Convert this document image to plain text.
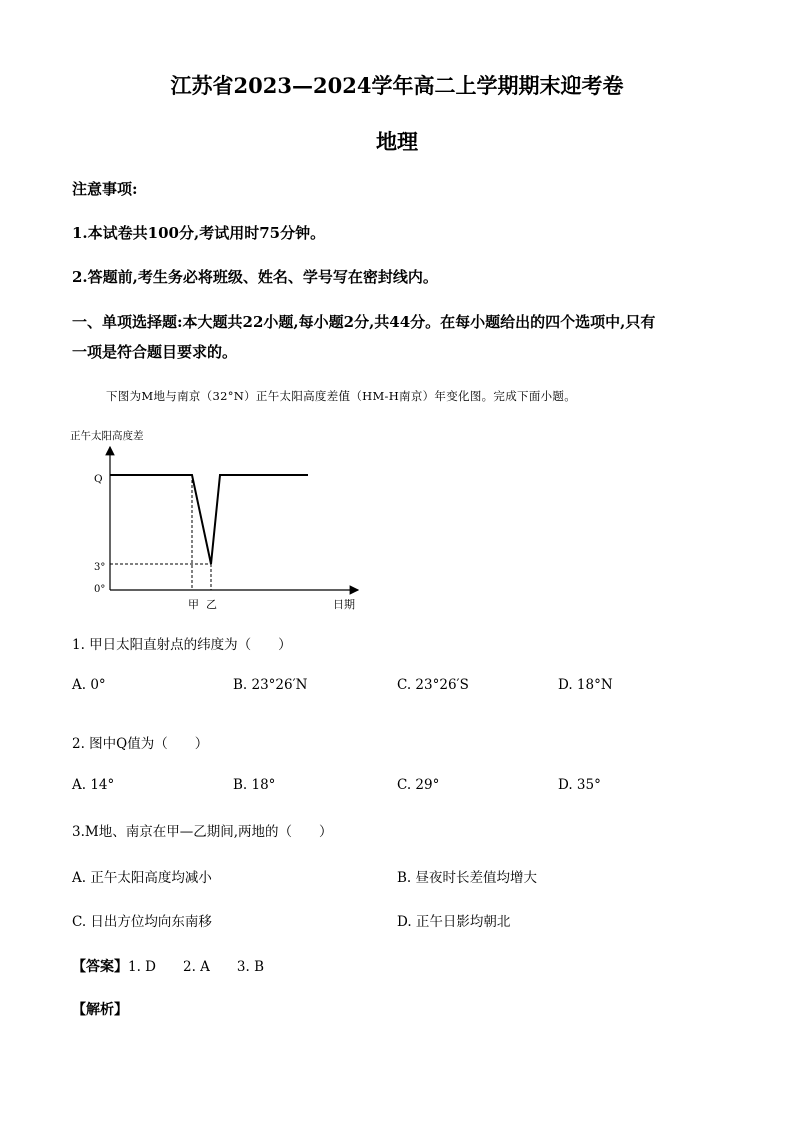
江苏省2023—2024学年高二上学期期末迎考卷
地理
注意事项:
1.本试卷共100分,考试用时75分钟。
2.答题前,考生务必将班级、姓名、学号写在密封线内。
一、单项选择题:本大题共22小题,每小题2分,共44分。在每小题给出的四个选项中,只有
一项是符合题目要求的。
下图为M地与南京（32°N）正午太阳高度差值（HM-H南京）年变化图。完成下面小题。
正午太阳高度差
Q
3°
0°
甲 乙	日期
1. 甲日太阳直射点的纬度为（　　）
A. 0°	B. 23°26′N	C. 23°26′S	D. 18°N
2. 图中Q值为（　　）
A. 14°	B. 18°	C. 29°	D. 35°
3.M地、南京在甲—乙期间,两地的（　　）
A. 正午太阳高度均减小	B. 昼夜时长差值均增大
C. 日出方位均向东南移	D. 正午日影均朝北
【答案】1. D　　2. A　　3. B
【解析】
